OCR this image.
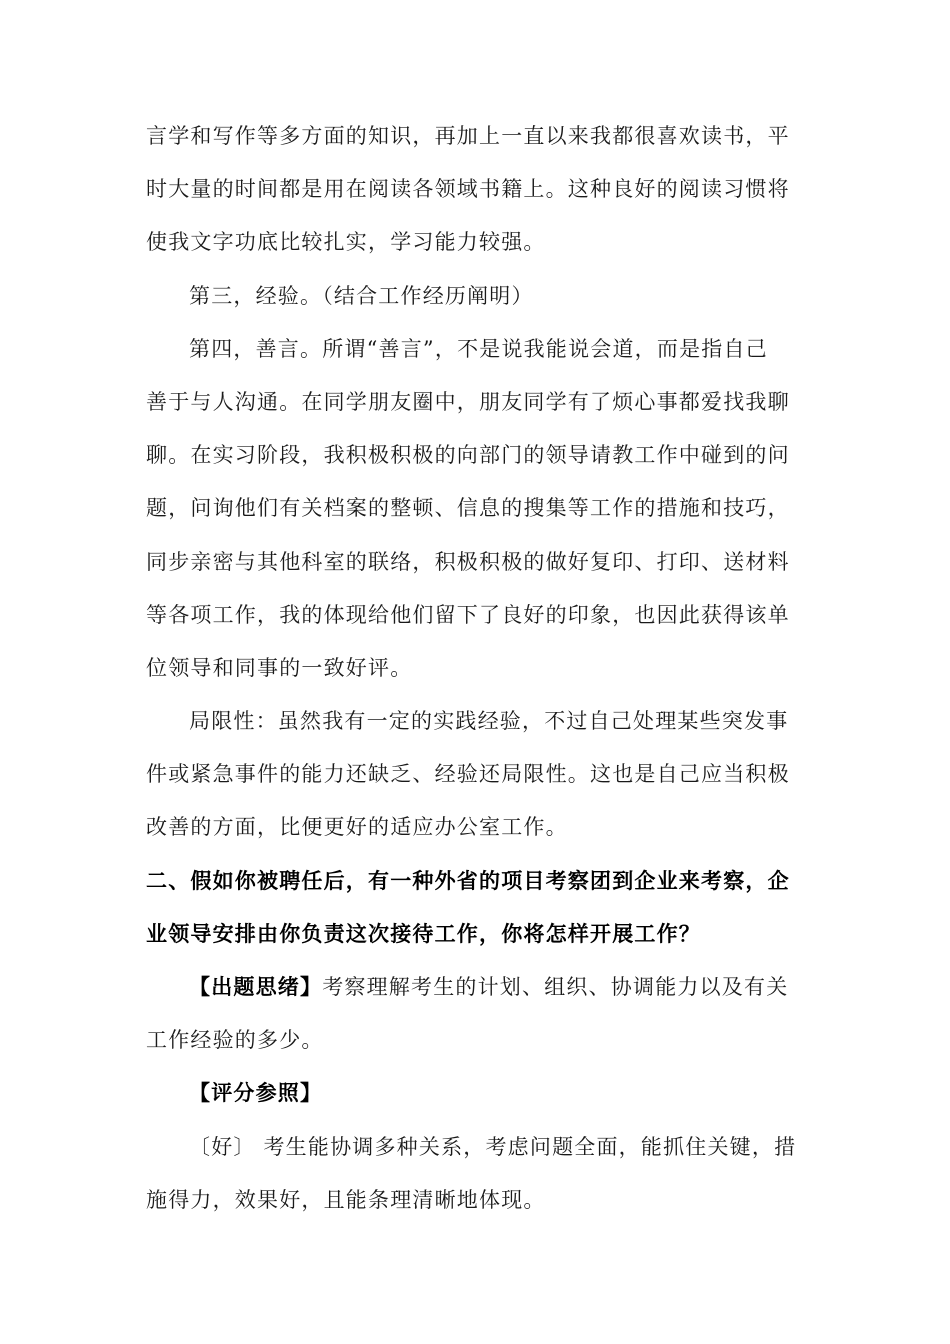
言学和写作等多方面的知识，再加上一直以来我都很喜欢读书，平
时大量的时间都是用在阅读各领域书籍上。这种良好的阅读习惯将
使我文字功底比较扎实，学习能力较强。
第三，经验。（结合工作经历阐明）
第四，善言。所谓“善言”，不是说我能说会道，而是指自己
善于与人沟通。在同学朋友圈中，朋友同学有了烦心事都爱找我聊
聊。在实习阶段，我积极积极的向部门的领导请教工作中碰到的问
题，问询他们有关档案的整顿、信息的搜集等工作的措施和技巧，
同步亲密与其他科室的联络，积极积极的做好复印、打印、送材料
等各项工作，我的体现给他们留下了良好的印象，也因此获得该单
位领导和同事的一致好评。
局限性：虽然我有一定的实践经验，不过自己处理某些突发事
件或紧急事件的能力还缺乏、经验还局限性。这也是自己应当积极
改善的方面，比便更好的适应办公室工作。
二、假如你被聘任后，有一种外省的项目考察团到企业来考察，企
业领导安排由你负责这次接待工作，你将怎样开展工作？
【出题思绪】考察理解考生的计划、组织、协调能力以及有关
工作经验的多少。
【评分参照】
〔好〕 考生能协调多种关系，考虑问题全面，能抓住关键，措
施得力，效果好，且能条理清晰地体现。
